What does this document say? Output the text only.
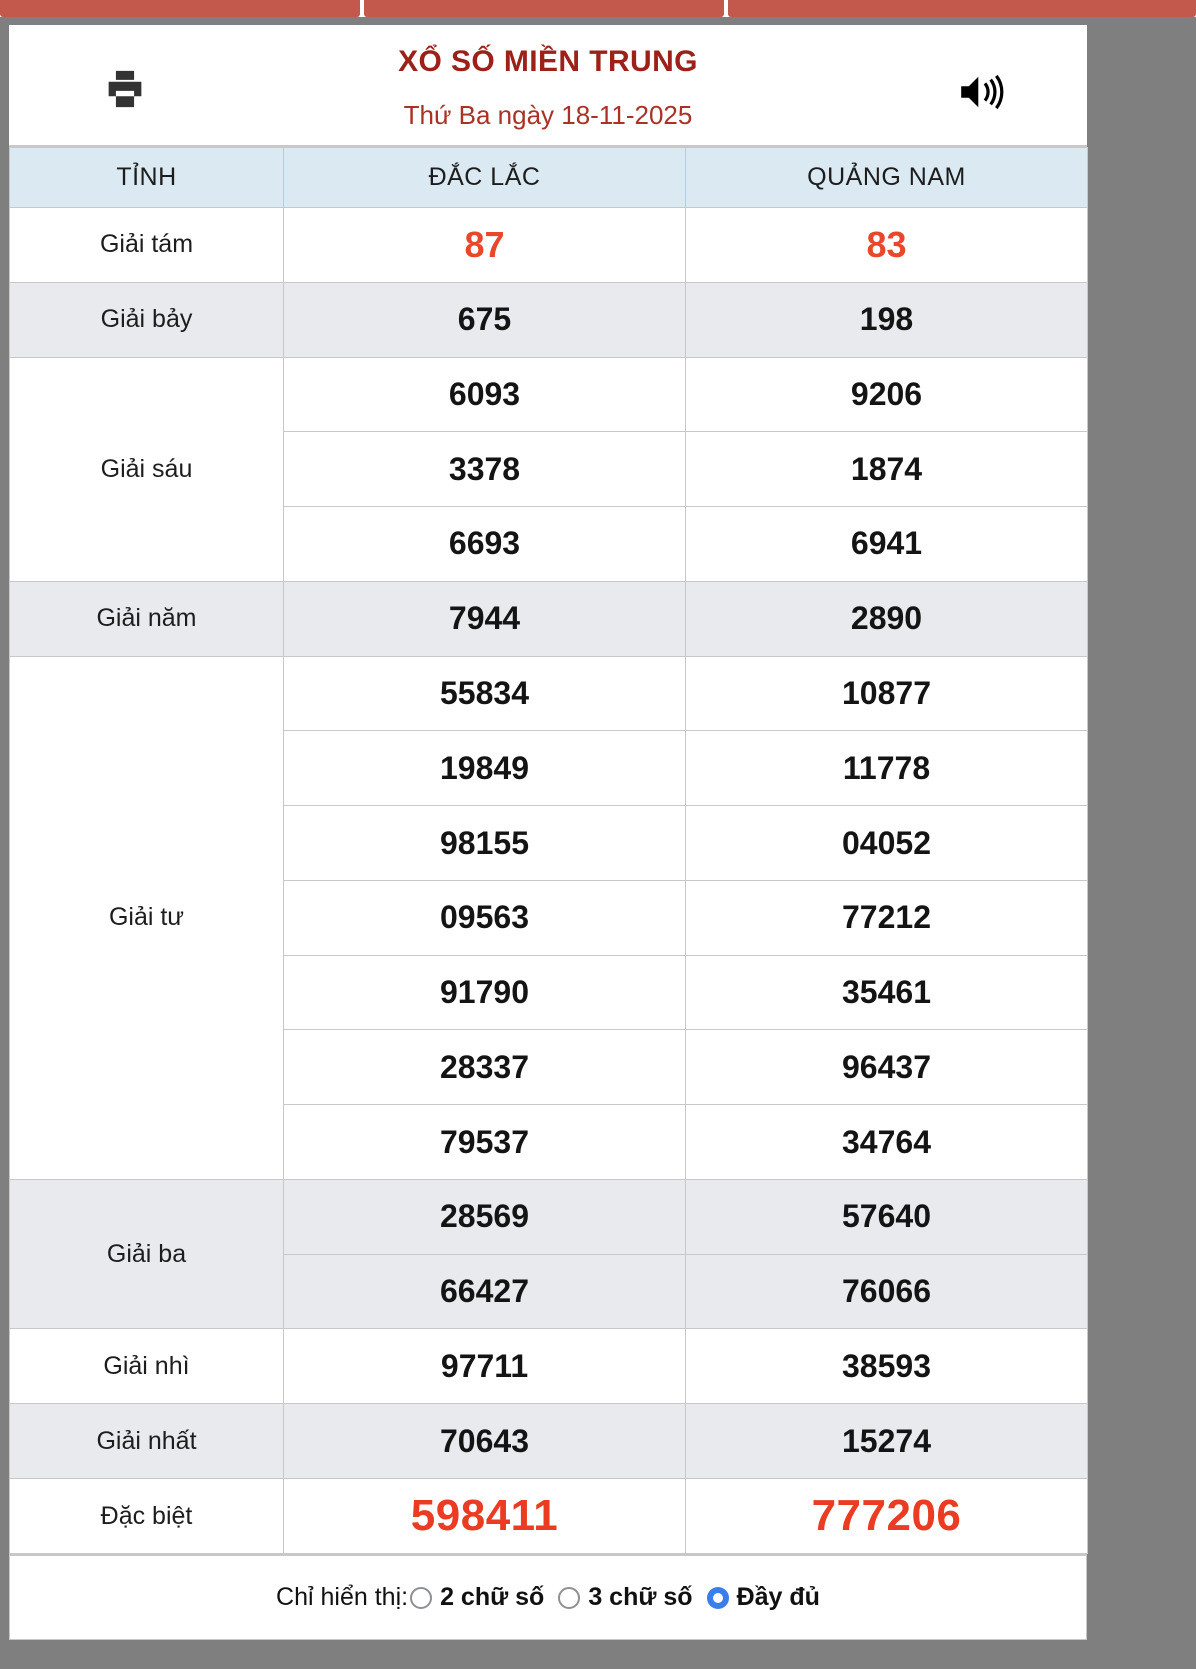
XỔ SỐ MIỀN TRUNG
Thứ Ba ngày 18-11-2025
TỈNH	ĐẮC LẮC	QUẢNG NAM
Giải tám	87	83
Giải bảy	675	198
Giải sáu	6093	9206
	3378	1874
	6693	6941
Giải năm	7944	2890
Giải tư	55834	10877
	19849	11778
	98155	04052
	09563	77212
	91790	35461
	28337	96437
	79537	34764
Giải ba	28569	57640
	66427	76066
Giải nhì	97711	38593
Giải nhất	70643	15274
Đặc biệt	598411	777206
Chỉ hiển thị: 2 chữ số 3 chữ số Đầy đủ
